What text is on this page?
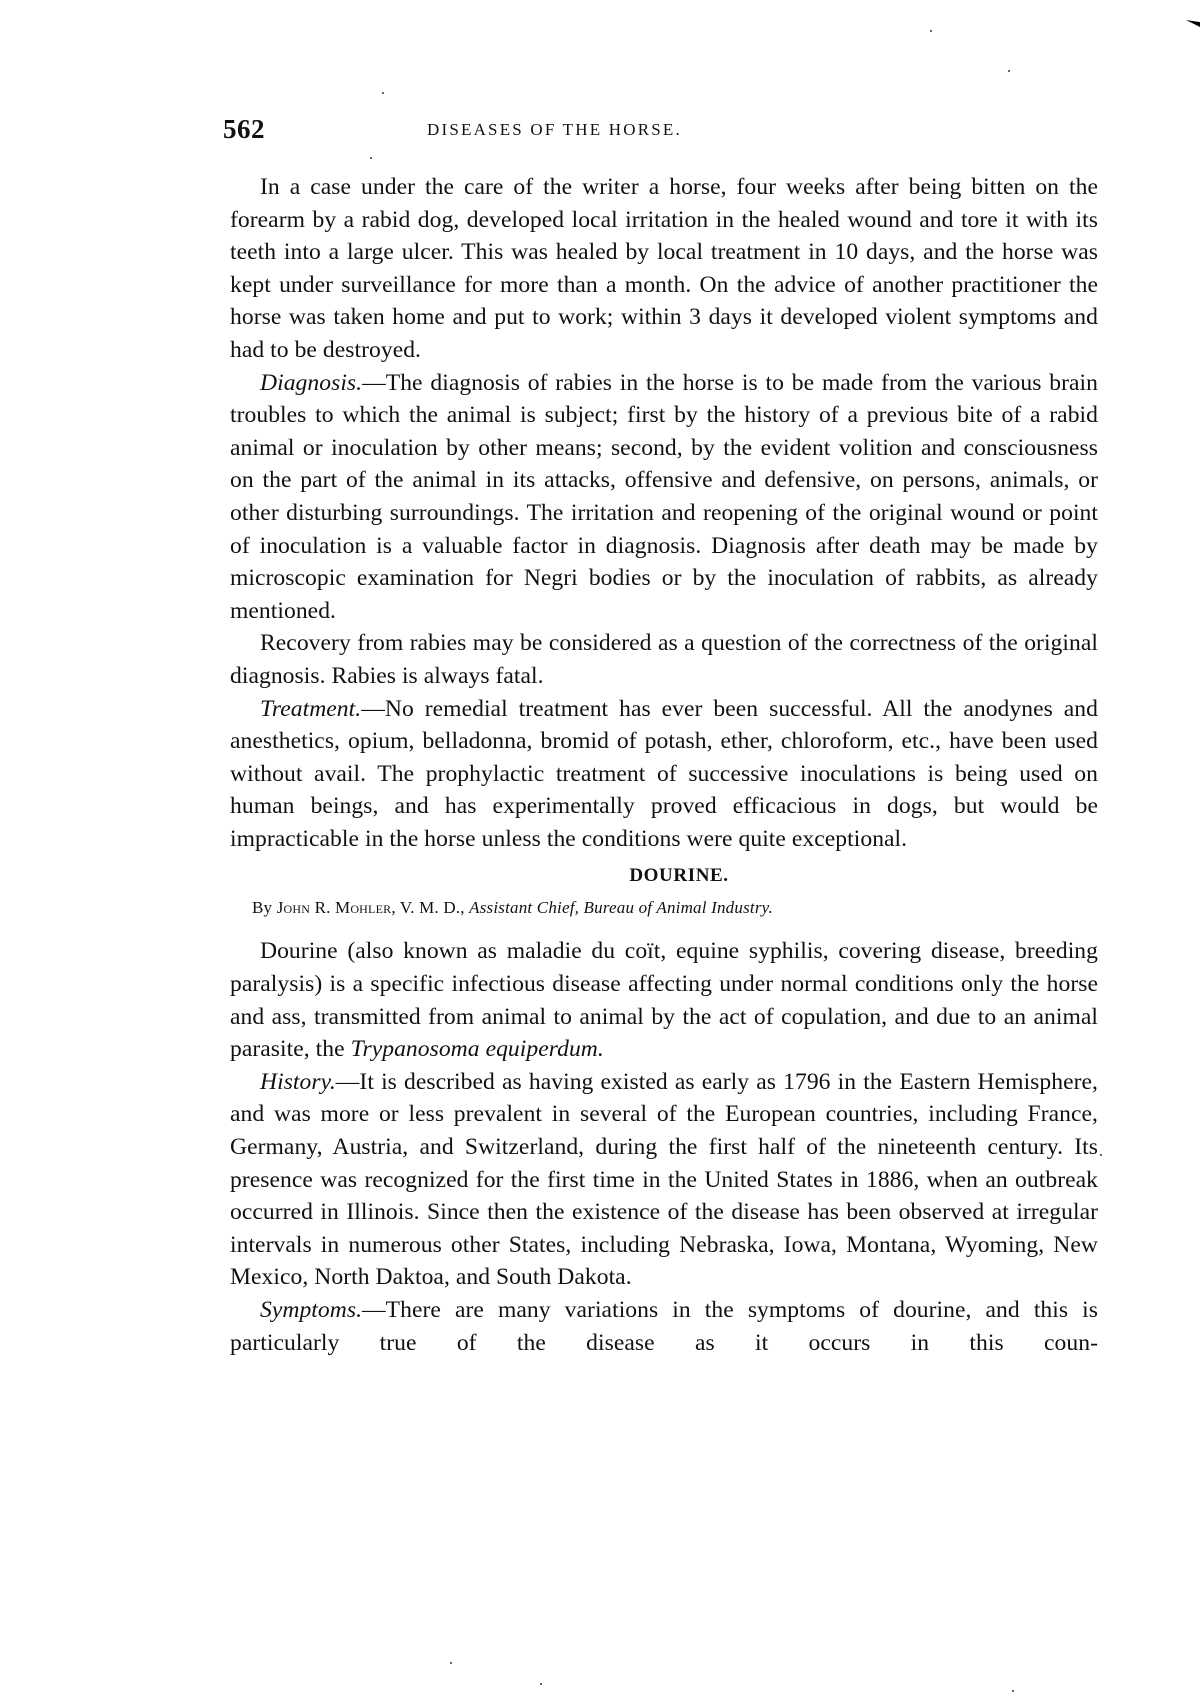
562	DISEASES OF THE HORSE.

In a case under the care of the writer a horse, four weeks after being bitten on the forearm by a rabid dog, developed local irritation in the healed wound and tore it with its teeth into a large ulcer. This was healed by local treatment in 10 days, and the horse was kept under surveillance for more than a month. On the advice of another practitioner the horse was taken home and put to work; within 3 days it developed violent symptoms and had to be destroyed.

Diagnosis.—The diagnosis of rabies in the horse is to be made from the various brain troubles to which the animal is subject; first by the history of a previous bite of a rabid animal or inoculation by other means; second, by the evident volition and consciousness on the part of the animal in its attacks, offensive and defensive, on persons, animals, or other disturbing surroundings. The irritation and reopening of the original wound or point of inoculation is a valuable factor in diagnosis. Diagnosis after death may be made by microscopic examination for Negri bodies or by the inoculation of rabbits, as already mentioned.

Recovery from rabies may be considered as a question of the correctness of the original diagnosis. Rabies is always fatal.

Treatment.—No remedial treatment has ever been successful. All the anodynes and anesthetics, opium, belladonna, bromid of potash, ether, chloroform, etc., have been used without avail. The prophylactic treatment of successive inoculations is being used on human beings, and has experimentally proved efficacious in dogs, but would be impracticable in the horse unless the conditions were quite exceptional.

DOURINE.

By John R. Mohler, V. M. D., Assistant Chief, Bureau of Animal Industry.

Dourine (also known as maladie du coït, equine syphilis, covering disease, breeding paralysis) is a specific infectious disease affecting under normal conditions only the horse and ass, transmitted from animal to animal by the act of copulation, and due to an animal parasite, the Trypanosoma equiperdum.

History.—It is described as having existed as early as 1796 in the Eastern Hemisphere, and was more or less prevalent in several of the European countries, including France, Germany, Austria, and Switzerland, during the first half of the nineteenth century. Its presence was recognized for the first time in the United States in 1886, when an outbreak occurred in Illinois. Since then the existence of the disease has been observed at irregular intervals in numerous other States, including Nebraska, Iowa, Montana, Wyoming, New Mexico, North Daktoa, and South Dakota.

Symptoms.—There are many variations in the symptoms of dourine, and this is particularly true of the disease as it occurs in this coun-
